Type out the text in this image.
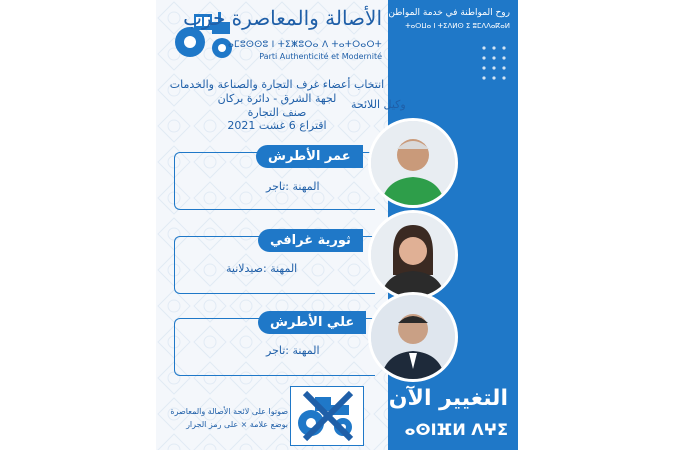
روح المواطنة في خدمة المواطن
ⵜⴰⵔⵡⴰ ⵏ ⵜⵉⴷⵍⵙ ⵉ ⵓⵎⴷⴷⴰⴽⴰⵍ
التغيير الآن
ⴰⵙⵏⴼⵍ ⴷⵖⵉ
الأصالة والمعاصرة حزب
ⴰⵎⵓⵙⵙⵓ ⵏ ⵜⵉⵥⵓⵔⴰ ⴷ ⵜⴰⵜⵔⴰⵔⵜ
Parti Authenticité et Modernité
انتخاب أعضاء غرف التجارة والصناعة والخدمات
لجهة الشرق - دائرة بركان
صنف التجارة
اقتراع 6 غشت 2021
وكيل اللائحة
عمر الأطرش
المهنة :تاجر
ثورية غرافي
المهنة :صيدلانية
علي الأطرش
المهنة :تاجر
صوتوا على لائحة الأصالة والمعاصرة
بوضع علامة × على رمز الجرار
